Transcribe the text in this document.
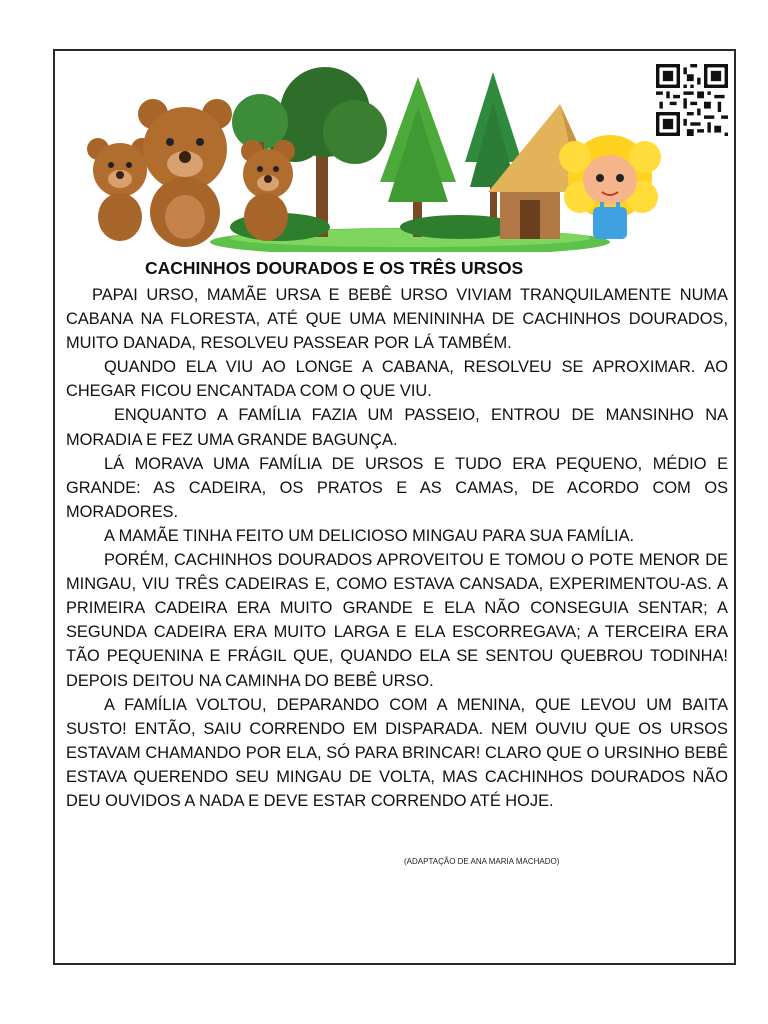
CACHINHOS DOURADOS E OS TRÊS URSOS

PAPAI URSO, MAMÃE URSA E BEBÊ URSO VIVIAM TRANQUILAMENTE NUMA CABANA NA FLORESTA, ATÉ QUE UMA MENININHA DE CACHINHOS DOURADOS, MUITO DANADA, RESOLVEU PASSEAR POR LÁ TAMBÉM.

QUANDO ELA VIU AO LONGE A CABANA, RESOLVEU SE APROXIMAR. AO CHEGAR FICOU ENCANTADA COM O QUE VIU.

ENQUANTO A FAMÍLIA FAZIA UM PASSEIO, ENTROU DE MANSINHO NA MORADIA E FEZ UMA GRANDE BAGUNÇA.

LÁ MORAVA UMA FAMÍLIA DE URSOS E TUDO ERA PEQUENO, MÉDIO E GRANDE: AS CADEIRA, OS PRATOS E AS CAMAS, DE ACORDO COM OS MORADORES.

A MAMÃE TINHA FEITO UM DELICIOSO MINGAU PARA SUA FAMÍLIA.

PORÉM, CACHINHOS DOURADOS APROVEITOU E TOMOU O POTE MENOR DE MINGAU, VIU TRÊS CADEIRAS E, COMO ESTAVA CANSADA, EXPERIMENTOU-AS. A PRIMEIRA CADEIRA ERA MUITO GRANDE E ELA NÃO CONSEGUIA SENTAR; A SEGUNDA CADEIRA ERA MUITO LARGA E ELA ESCORREGAVA; A TERCEIRA ERA TÃO PEQUENINA E FRÁGIL QUE, QUANDO ELA SE SENTOU QUEBROU TODINHA! DEPOIS DEITOU NA CAMINHA DO BEBÊ URSO.

A FAMÍLIA VOLTOU, DEPARANDO COM A MENINA, QUE LEVOU UM BAITA SUSTO! ENTÃO, SAIU CORRENDO EM DISPARADA. NEM OUVIU QUE OS URSOS ESTAVAM CHAMANDO POR ELA, SÓ PARA BRINCAR! CLARO QUE O URSINHO BEBÊ ESTAVA QUERENDO SEU MINGAU DE VOLTA, MAS CACHINHOS DOURADOS NÃO DEU OUVIDOS A NADA E DEVE ESTAR CORRENDO ATÉ HOJE.

(ADAPTAÇÃO DE ANA MARIA MACHADO)
